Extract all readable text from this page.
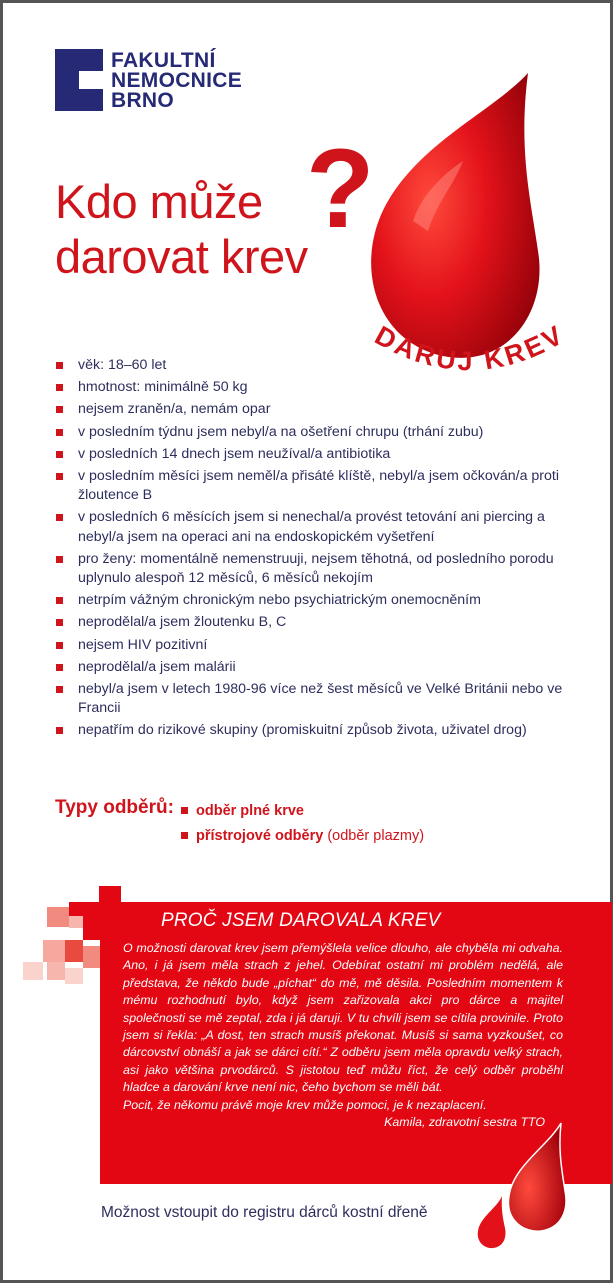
FAKULTNÍ
NEMOCNICE
BRNO
Kdo může
darovat krev
?
DARUJ KREV
věk: 18–60 let
hmotnost: minimálně 50 kg
nejsem zraněn/a, nemám opar
v posledním týdnu jsem nebyl/a na ošetření chrupu (trhání zubu)
v posledních 14 dnech jsem neužíval/a antibiotika
v posledním měsíci jsem neměl/a přisáté klíště, nebyl/a jsem očkován/a proti žloutence B
v posledních 6 měsících jsem si nenechal/a provést tetování ani piercing a nebyl/a jsem na operaci ani na endoskopickém vyšetření
pro ženy: momentálně nemenstruuji, nejsem těhotná, od posledního porodu uplynulo alespoň 12 měsíců, 6 měsíců nekojím
netrpím vážným chronickým nebo psychiatrickým onemocněním
neprodělal/a jsem žloutenku B, C
nejsem HIV pozitivní
neprodělal/a jsem malárii
nebyl/a jsem v letech 1980-96 více než šest měsíců ve Velké Británii nebo ve Francii
nepatřím do rizikové skupiny (promiskuitní způsob života, uživatel drog)
Typy odběrů:	odběr plné krve
přístrojové odběry (odběr plazmy)
PROČ JSEM DAROVALA KREV

O možnosti darovat krev jsem přemýšlela velice dlouho, ale chyběla mi odvaha. Ano, i já jsem měla strach z jehel. Odebírat ostatní mi problém nedělá, ale představa, že někdo bude „píchat“ do mě, mě děsila. Posledním momentem k mému rozhodnutí bylo, když jsem zařizovala akci pro dárce a majitel společnosti se mě zeptal, zda i já daruji. V tu chvíli jsem se cítila provinile. Proto jsem si řekla: „A dost, ten strach musíš překonat. Musíš si sama vyzkoušet, co dárcovství obnáší a jak se dárci cítí.“ Z odběru jsem měla opravdu velký strach, asi jako většina prvodárců. S jistotou teď můžu říct, že celý odběr proběhl hladce a darování krve není nic, čeho bychom se měli bát.

Pocit, že někomu právě moje krev může pomoci, je k nezaplacení.

Kamila, zdravotní sestra TTO

Možnost vstoupit do registru dárců kostní dřeně
